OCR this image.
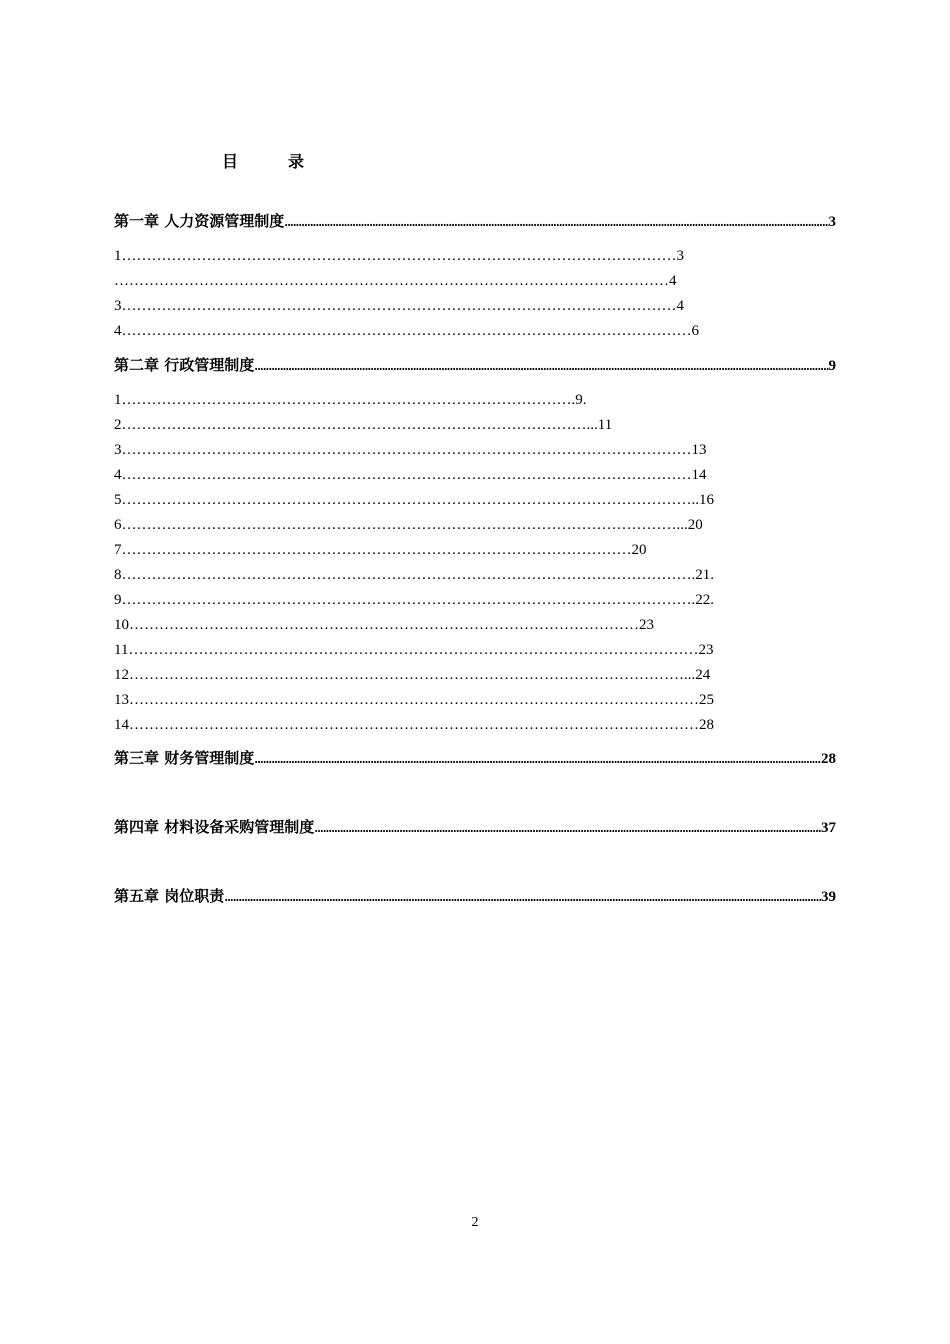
目	录
第一章 人力资源管理制度 .....	3
1…………………………………………………………………………………………………3
…………………………………………………………………………………………………4
3…………………………………………………………………………………………………4
4……………………………………………………………………………………………………6
第二章 行政管理制度 .....	9
1……………………………………………………………………………….9.
2…………………………………………………………………………………...11
3……………………………………………………………………………………………………13
4……………………………………………………………………………………………………14
5……………………………………………………………………………………………………..16
6…………………………………………………………………………………………………...20
7…………………………………………………………………………………………20
8…………………………………………………………………………………………………….21.
9…………………………………………………………………………………………………….22.
10…………………………………………………………………………………………23
11……………………………………………………………………………………………………23
12…………………………………………………………………………………………………...24
13……………………………………………………………………………………………………25
14……………………………………………………………………………………………………28
第三章 财务管理制度 .....	28
第四章 材料设备采购管理制度 .....	37
第五章 岗位职责 .....	39
2
